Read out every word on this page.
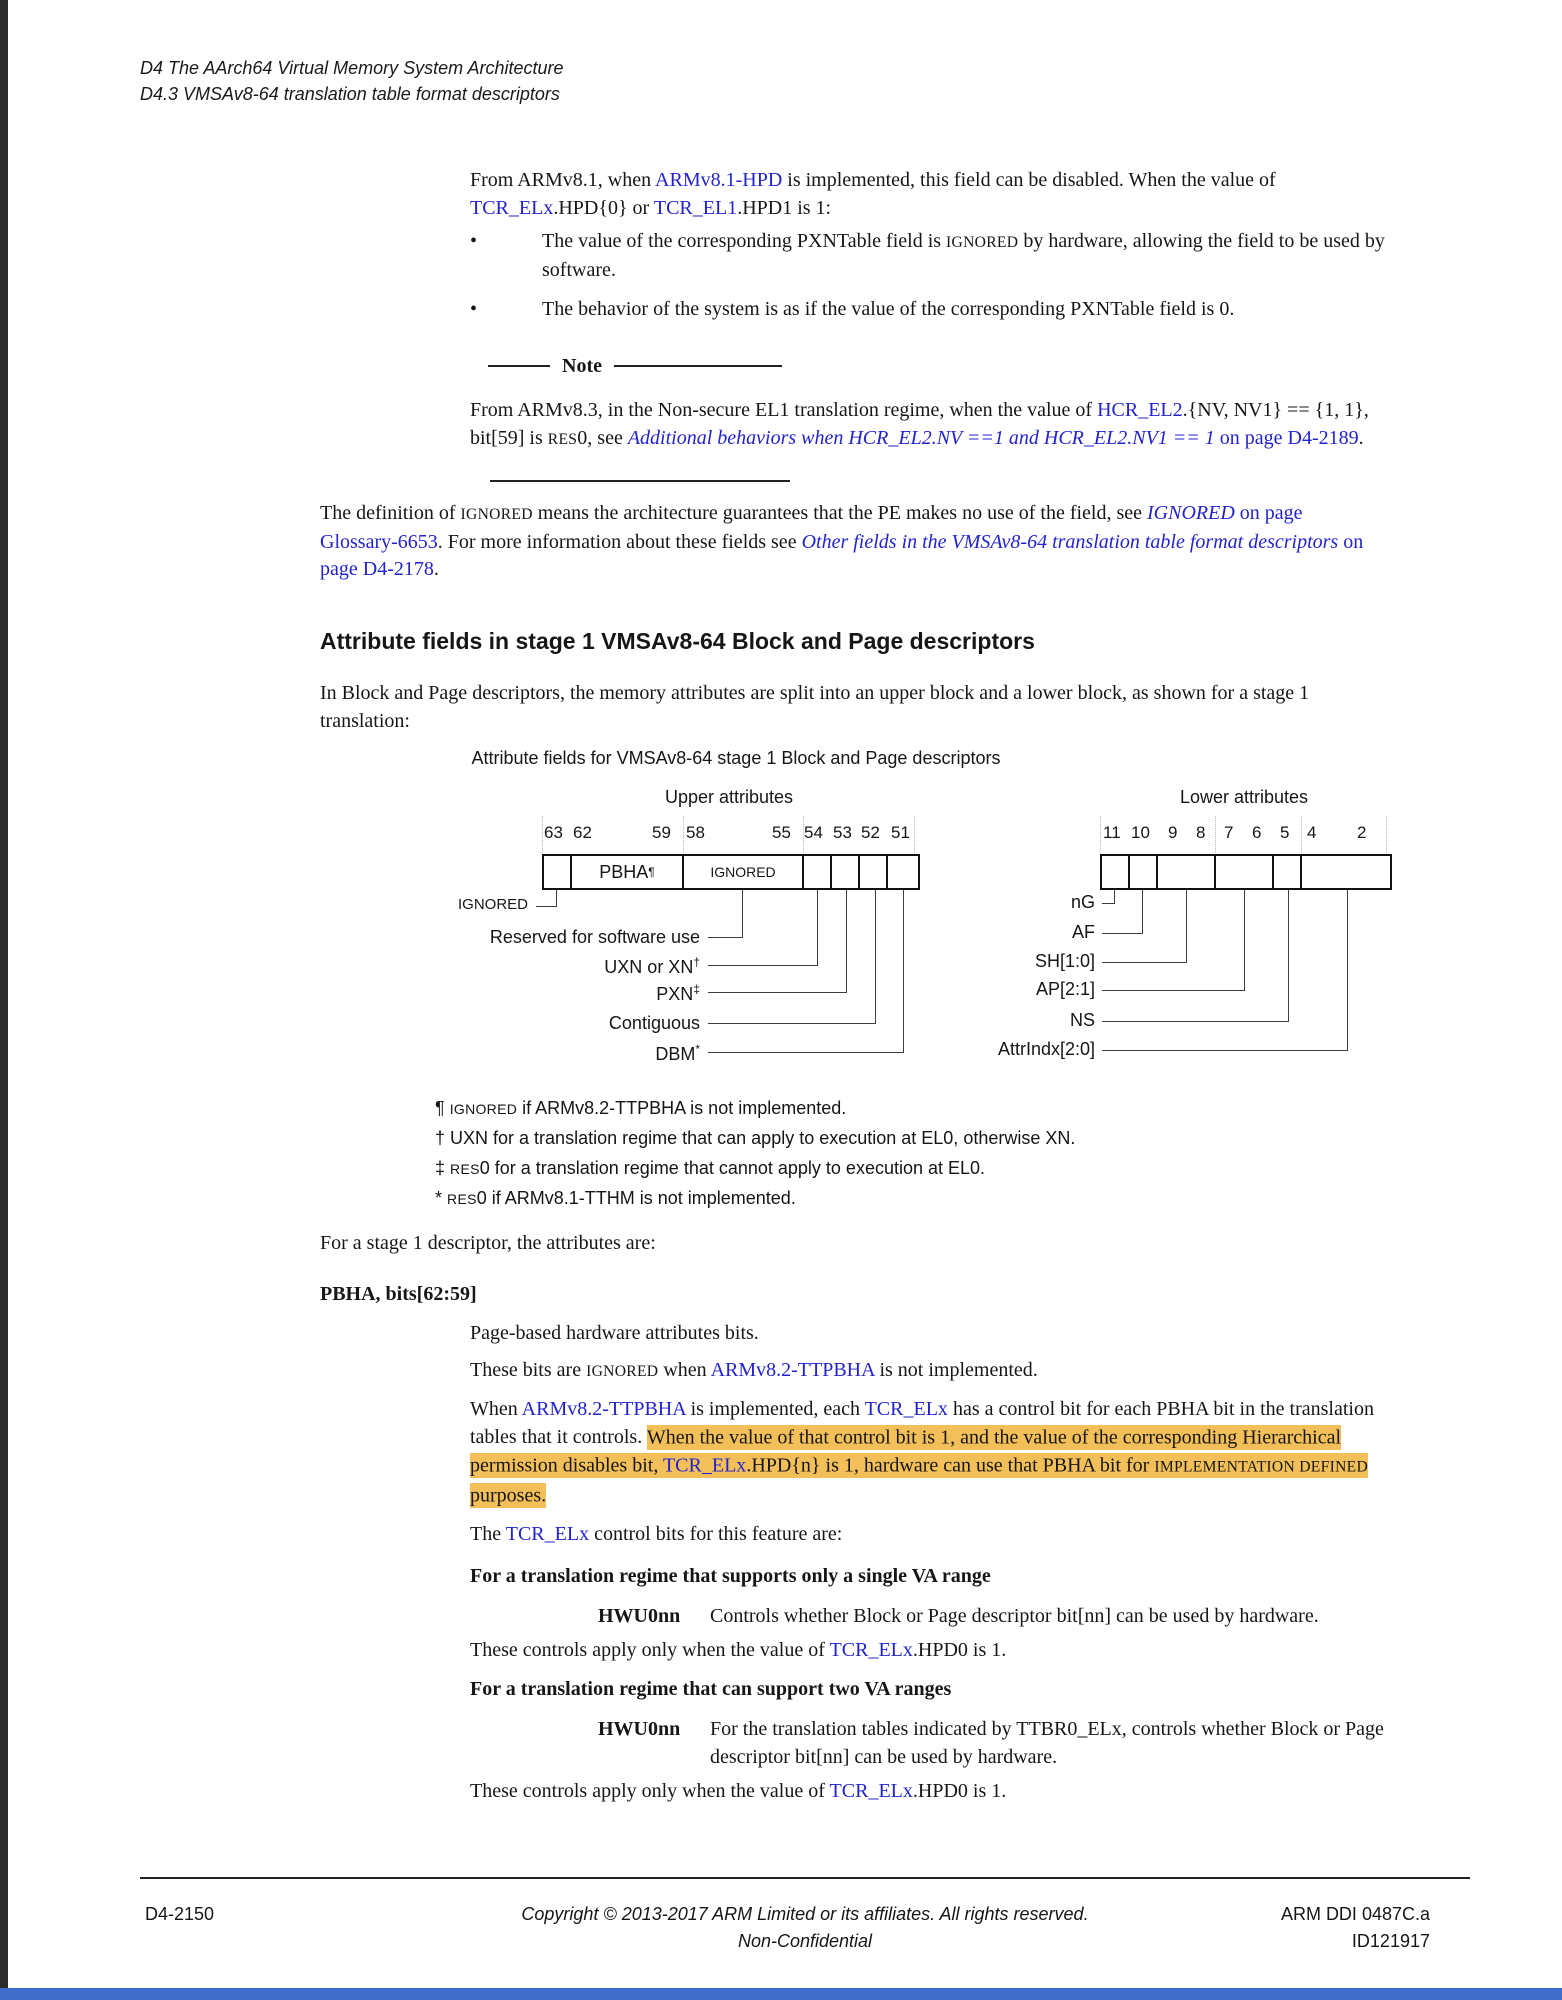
D4 The AArch64 Virtual Memory System Architecture
D4.3 VMSAv8-64 translation table format descriptors

From ARMv8.1, when ARMv8.1-HPD is implemented, this field can be disabled. When the value of TCR_ELx.HPD{0} or TCR_EL1.HPD1 is 1:

•	The value of the corresponding PXNTable field is IGNORED by hardware, allowing the field to be used by software.
•	The behavior of the system is as if the value of the corresponding PXNTable field is 0.
Note

From ARMv8.3, in the Non-secure EL1 translation regime, when the value of HCR_EL2.{NV, NV1} == {1, 1}, bit[59] is RES0, see Additional behaviors when HCR_EL2.NV ==1 and HCR_EL2.NV1 == 1 on page D4-2189.

The definition of IGNORED means the architecture guarantees that the PE makes no use of the field, see IGNORED on page Glossary-6653. For more information about these fields see Other fields in the VMSAv8-64 translation table format descriptors on page D4-2178.

Attribute fields in stage 1 VMSAv8-64 Block and Page descriptors

In Block and Page descriptors, the memory attributes are split into an upper block and a lower block, as shown for a stage 1 translation:

Attribute fields for VMSAv8-64 stage 1 Block and Page descriptors
Upper attributes	Lower attributes
63 62	59 58	55 54 53 52 51	11 10 9 8 7 6 5 4 2
PBHA ¶	IGNORED
IGNORED
Reserved for software use
UXN or XN†
PXN‡
Contiguous
DBM*
nG
AF
SH[1:0]
AP[2:1]
NS
AttrIndx[2:0]
¶ IGNORED if ARMv8.2-TTPBHA is not implemented.
† UXN for a translation regime that can apply to execution at EL0, otherwise XN.
‡ RES0 for a translation regime that cannot apply to execution at EL0.
* RES0 if ARMv8.1-TTHM is not implemented.

For a stage 1 descriptor, the attributes are:

PBHA, bits[62:59]

Page-based hardware attributes bits.

These bits are IGNORED when ARMv8.2-TTPBHA is not implemented.

When ARMv8.2-TTPBHA is implemented, each TCR_ELx has a control bit for each PBHA bit in the translation tables that it controls. When the value of that control bit is 1, and the value of the corresponding Hierarchical permission disables bit, TCR_ELx.HPD{n} is 1, hardware can use that PBHA bit for IMPLEMENTATION DEFINED purposes.

The TCR_ELx control bits for this feature are:

For a translation regime that supports only a single VA range

HWU0nn	Controls whether Block or Page descriptor bit[nn] can be used by hardware.

These controls apply only when the value of TCR_ELx.HPD0 is 1.

For a translation regime that can support two VA ranges

HWU0nn	For the translation tables indicated by TTBR0_ELx, controls whether Block or Page descriptor bit[nn] can be used by hardware.

These controls apply only when the value of TCR_ELx.HPD0 is 1.

D4-2150	Copyright © 2013-2017 ARM Limited or its affiliates. All rights reserved.
Non-Confidential
ARM DDI 0487C.a
ID121917
